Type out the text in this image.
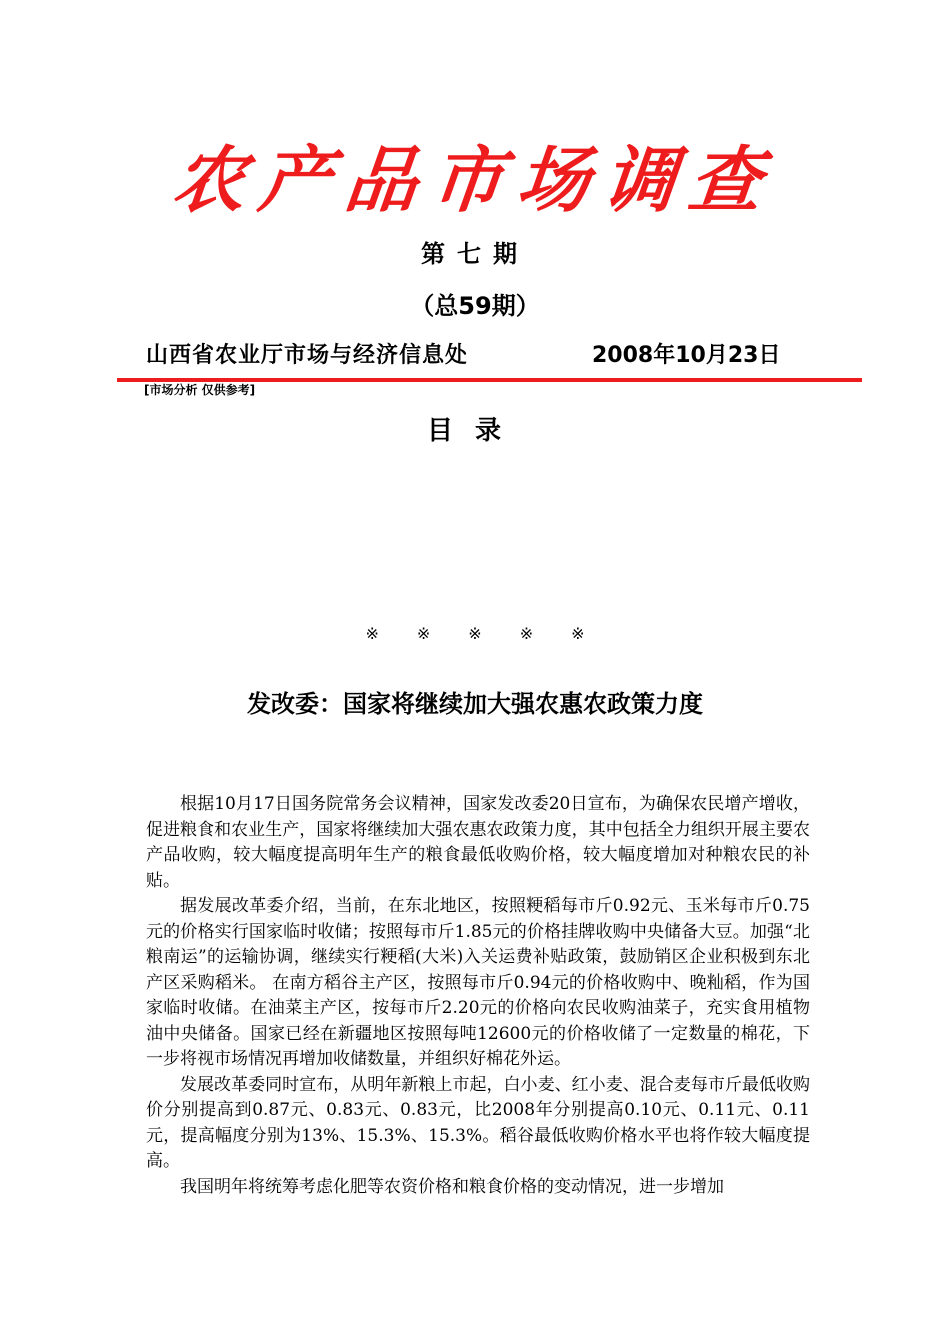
农产品市场调查
第七期
（总59期）
山西省农业厅市场与经济信息处	2008年10月23日
[市场分析 仅供参考]
目录
※※※※※
发改委：国家将继续加大强农惠农政策力度

根据10月17日国务院常务会议精神，国家发改委20日宣布，为确保农民增产增收，促进粮食和农业生产，国家将继续加大强农惠农政策力度，其中包括全力组织开展主要农产品收购，较大幅度提高明年生产的粮食最低收购价格，较大幅度增加对种粮农民的补贴。

据发展改革委介绍，当前，在东北地区，按照粳稻每市斤0.92元、玉米每市斤0.75元的价格实行国家临时收储；按照每市斤1.85元的价格挂牌收购中央储备大豆。加强“北粮南运”的运输协调，继续实行粳稻(大米)入关运费补贴政策，鼓励销区企业积极到东北产区采购稻米。 在南方稻谷主产区，按照每市斤0.94元的价格收购中、晚籼稻，作为国家临时收储。在油菜主产区，按每市斤2.20元的价格向农民收购油菜子，充实食用植物油中央储备。国家已经在新疆地区按照每吨12600元的价格收储了一定数量的棉花，下一步将视市场情况再增加收储数量，并组织好棉花外运。

发展改革委同时宣布，从明年新粮上市起，白小麦、红小麦、混合麦每市斤最低收购价分别提高到0.87元、0.83元、0.83元，比2008年分别提高0.10元、0.11元、0.11元，提高幅度分别为13%、15.3%、15.3%。稻谷最低收购价格水平也将作较大幅度提高。

我国明年将统筹考虑化肥等农资价格和粮食价格的变动情况，进一步增加
